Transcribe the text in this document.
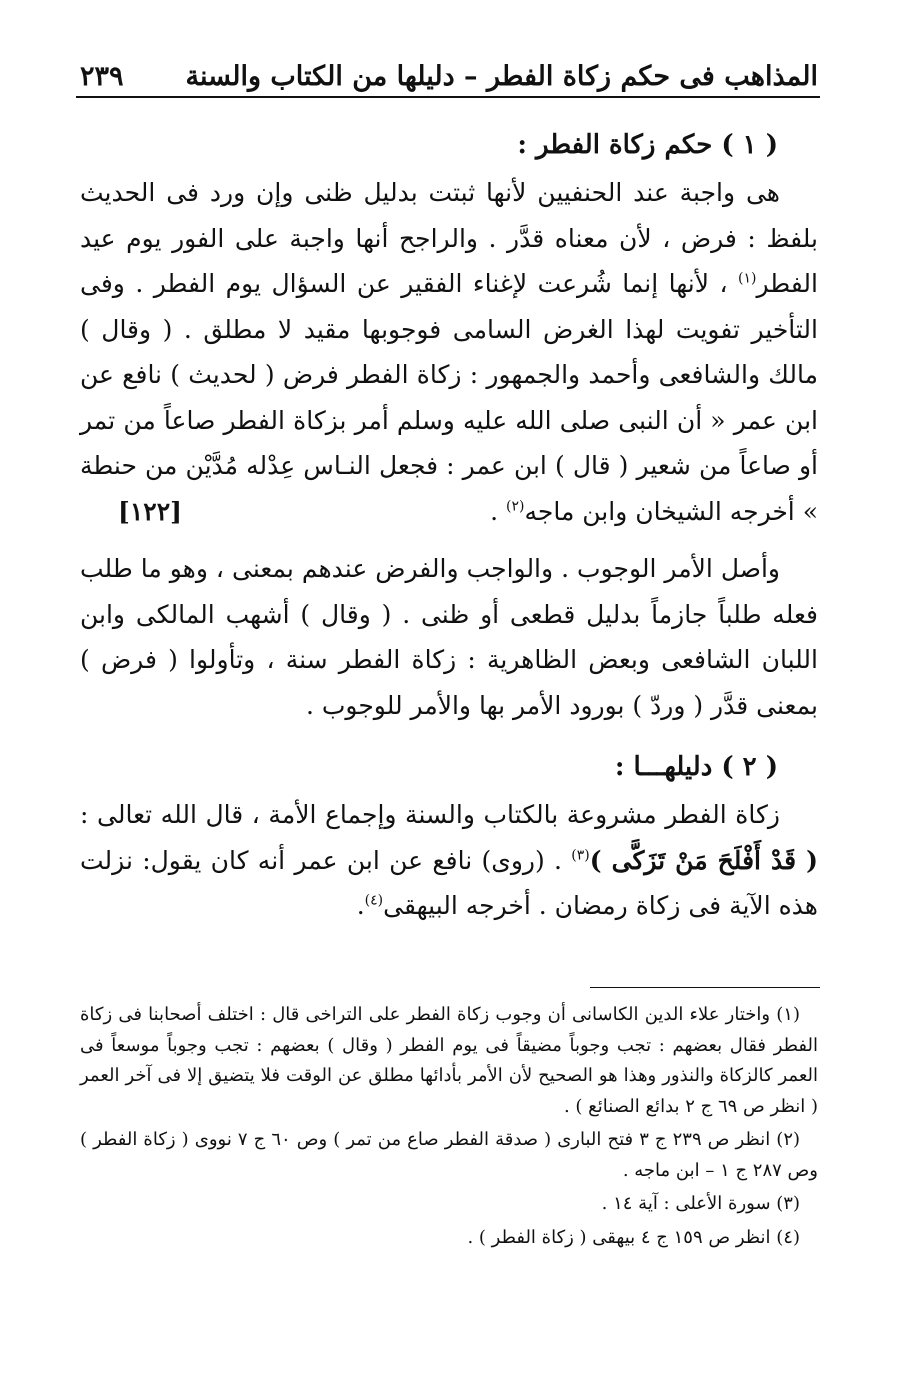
المذاهب فى حكم زكاة الفطر – دليلها من الكتاب والسنة
٢٣٩
( ١ ) حكم زكاة الفطر :

هى واجبة عند الحنفيين لأنها ثبتت بدليل ظنى وإن ورد فى الحديث بلفظ : فرض ، لأن معناه قدَّر . والراجح أنها واجبة على الفور يوم عيد الفطر$^{(١)}$ ، لأنها إنما شُرعت لإغناء الفقير عن السؤال يوم الفطر . وفى التأخير تفويت لهذا الغرض السامى فوجوبها مقيد لا مطلق . ( وقال ) مالك والشافعى وأحمد والجمهور : زكاة الفطر فرض ( لحديث ) نافع عن ابن عمر « أن النبى صلى الله عليه وسلم أمر بزكاة الفطر صاعاً من تمر أو صاعاً من شعير ( قال ) ابن عمر : فجعل النـاس عِدْله مُدَّيْن من حنطة » أخرجه الشيخان وابن ماجه$^{(٢)}$ .
[١٢٢]

وأصل الأمر الوجوب . والواجب والفرض عندهم بمعنى ، وهو ما طلب فعله طلباً جازماً بدليل قطعى أو ظنى . ( وقال ) أشهب المالكى وابن اللبان الشافعى وبعض الظاهرية : زكاة الفطر سنة ، وتأولوا ( فرض ) بمعنى قدَّر ( وردّ ) بورود الأمر بها والأمر للوجوب .

( ٢ ) دليلهـــا :

زكاة الفطر مشروعة بالكتاب والسنة وإجماع الأمة ، قال الله تعالى : ( قَدْ أَفْلَحَ مَنْ تَزَكَّى )$^{(٣)}$ . (روى) نافع عن ابن عمر أنه كان يقول: نزلت هذه الآية فى زكاة رمضان . أخرجه البيهقى$^{(٤)}$.

(١) واختار علاء الدين الكاسانى أن وجوب زكاة الفطر على التراخى قال : اختلف أصحابنا فى زكاة الفطر فقال بعضهم : تجب وجوباً مضيقاً فى يوم الفطر ( وقال ) بعضهم : تجب وجوباً موسعاً فى العمر كالزكاة والنذور وهذا هو الصحيح لأن الأمر بأدائها مطلق عن الوقت فلا يتضيق إلا فى آخر العمر ( انظر ص ٦٩ ج ٢ بدائع الصنائع ) .

(٢) انظر ص ٢٣٩ ج ٣ فتح البارى ( صدقة الفطر صاع من تمر ) وص ٦٠ ج ٧ نووى ( زكاة الفطر ) وص ٢٨٧ ج ١ – ابن ماجه .

(٣) سورة الأعلى : آية ١٤ .

(٤) انظر ص ١٥٩ ج ٤ بيهقى ( زكاة الفطر ) .
